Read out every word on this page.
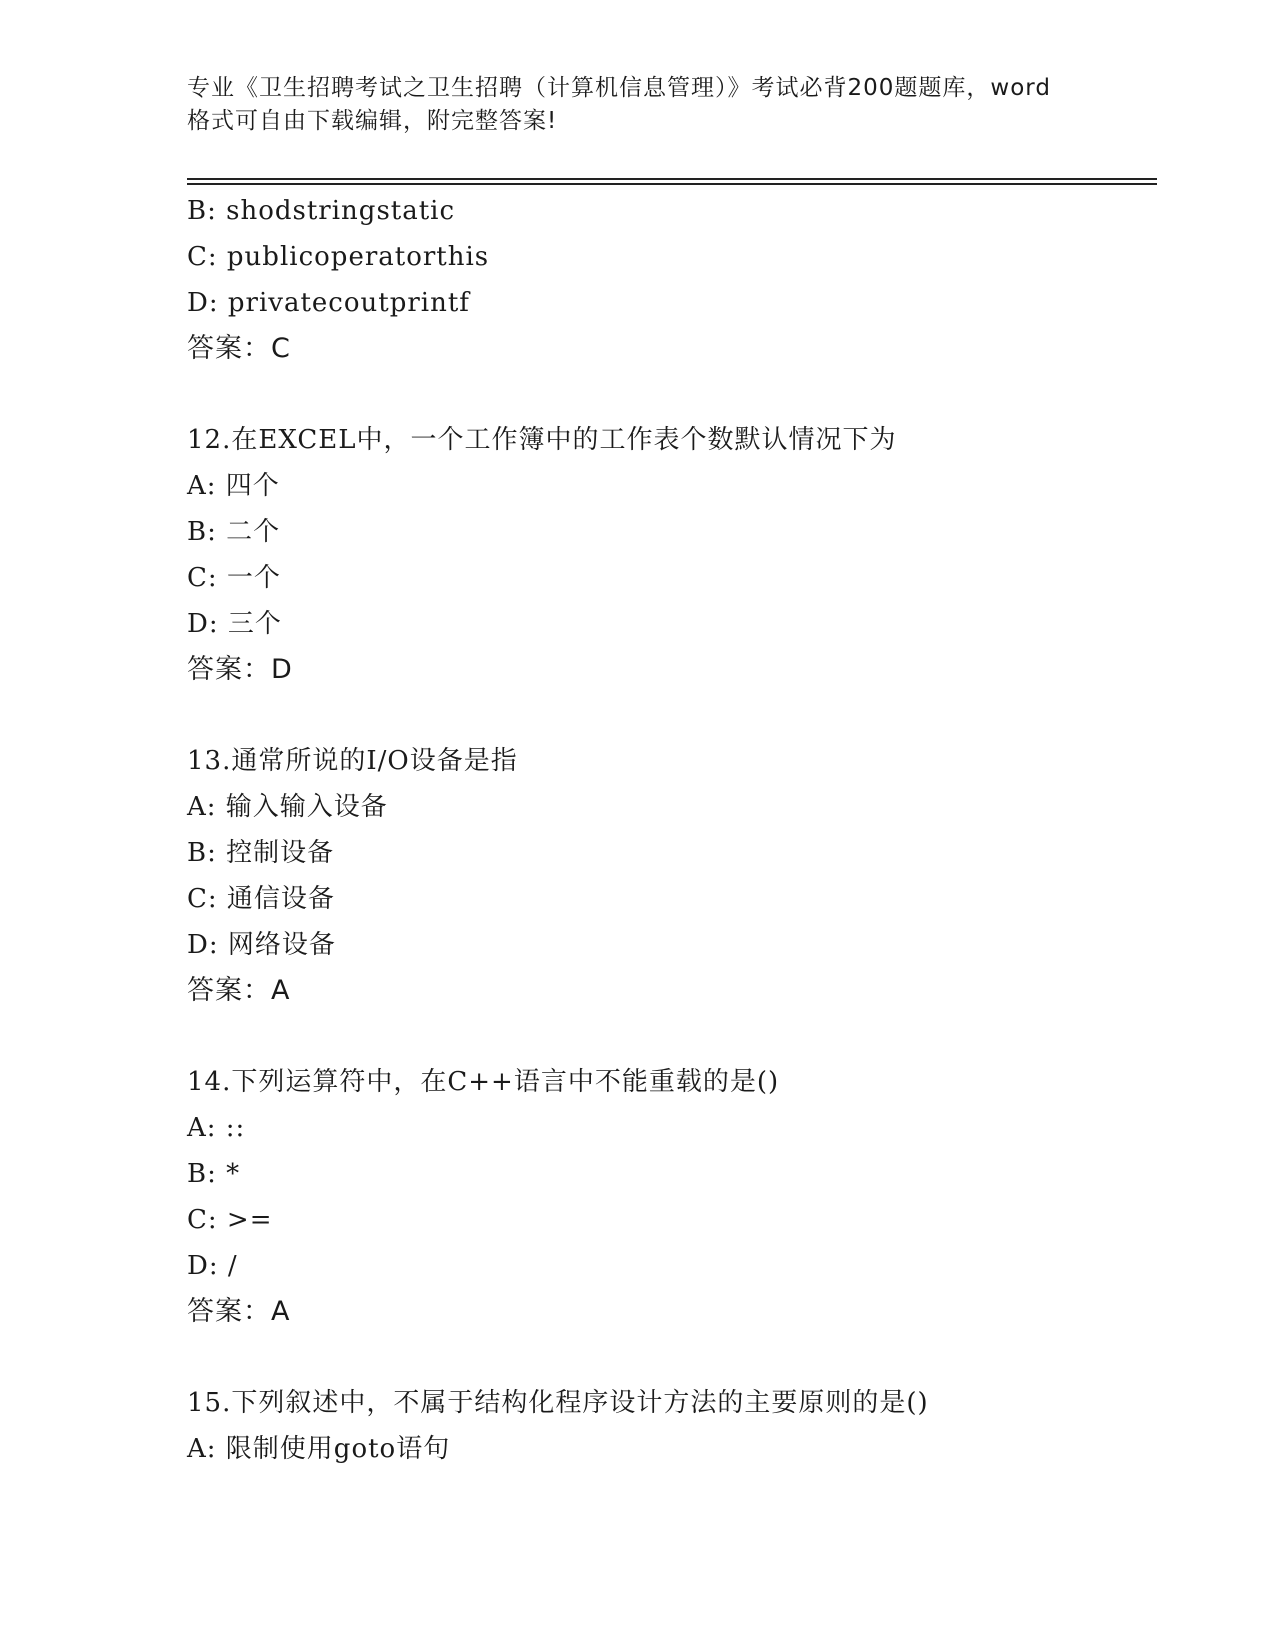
专业《卫生招聘考试之卫生招聘（计算机信息管理）》考试必背200题题库，word
格式可自由下载编辑，附完整答案!
B: shodstringstatic
C: publicoperatorthis
D: privatecoutprintf
答案：C
12.在EXCEL中，一个工作簿中的工作表个数默认情况下为
A: 四个
B: 二个
C: 一个
D: 三个
答案：D
13.通常所说的I/O设备是指
A: 输入输入设备
B: 控制设备
C: 通信设备
D: 网络设备
答案：A
14.下列运算符中，在C++语言中不能重载的是()
A: ::
B: *
C: >=
D: /
答案：A
15.下列叙述中，不属于结构化程序设计方法的主要原则的是()
A: 限制使用goto语句
